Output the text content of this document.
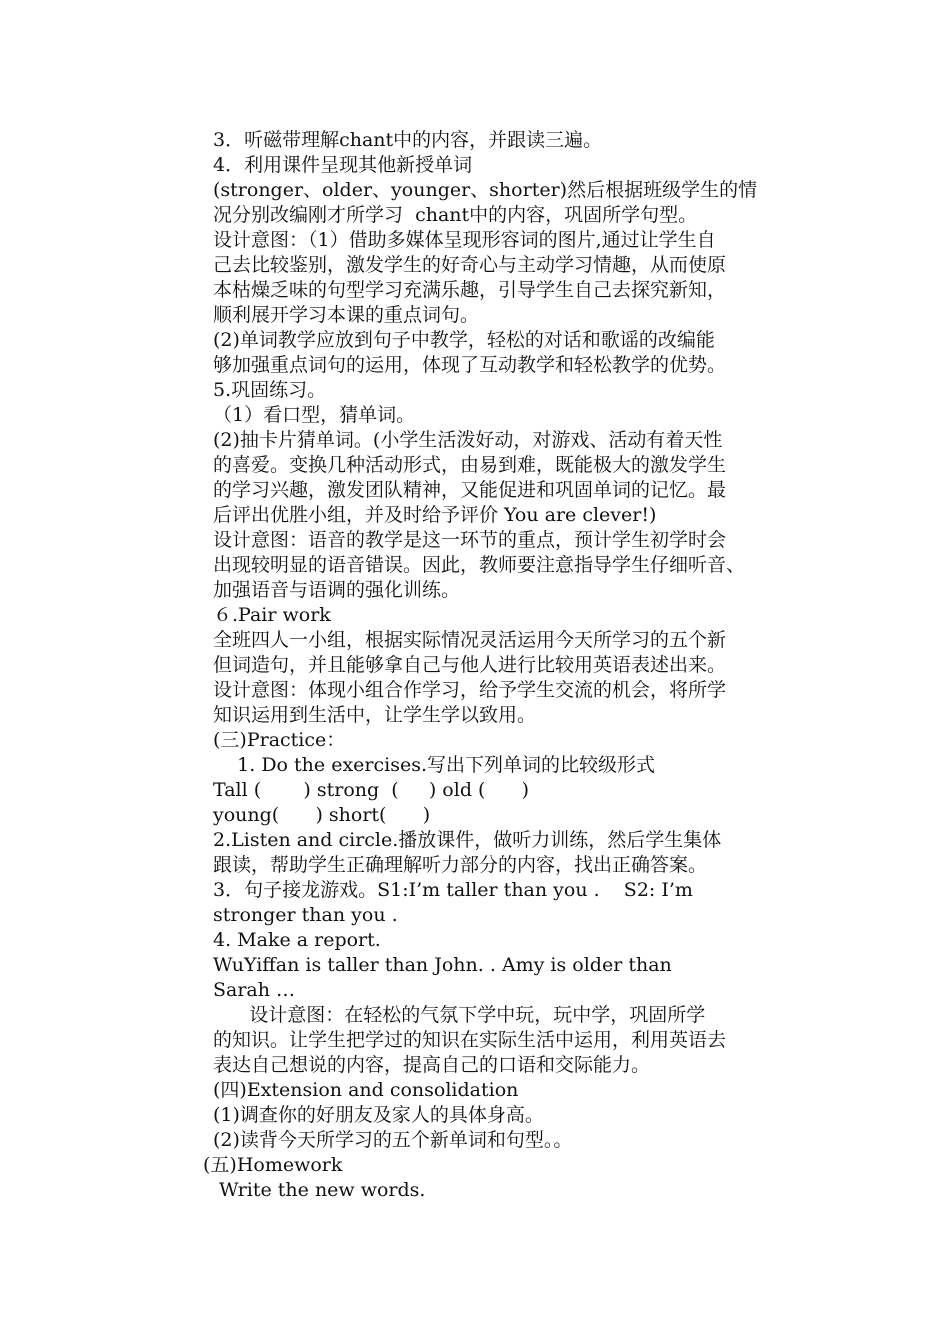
3．听磁带理解chant中的内容，并跟读三遍。

4．利用课件呈现其他新授单词

(stronger、older、younger、shorter)然后根据班级学生的情

况分别改编刚才所学习  chant中的内容，巩固所学句型。

设计意图：（1）借助多媒体呈现形容词的图片,通过让学生自

己去比较鉴别，激发学生的好奇心与主动学习情趣，从而使原

本枯燥乏味的句型学习充满乐趣，引导学生自己去探究新知，

顺利展开学习本课的重点词句。

(2)单词教学应放到句子中教学，轻松的对话和歌谣的改编能

够加强重点词句的运用，体现了互动教学和轻松教学的优势。

5.巩固练习。

（1）看口型，猜单词。

(2)抽卡片猜单词。(小学生活泼好动，对游戏、活动有着天性

的喜爱。变换几种活动形式，由易到难，既能极大的激发学生

的学习兴趣，激发团队精神，又能促进和巩固单词的记忆。最

后评出优胜小组，并及时给予评价 You are clever!)

设计意图：语音的教学是这一环节的重点，预计学生初学时会

出现较明显的语音错误。因此，教师要注意指导学生仔细听音、

加强语音与语调的强化训练。

６.Pair work

全班四人一小组，根据实际情况灵活运用今天所学习的五个新

但词造句，并且能够拿自己与他人进行比较用英语表述出来。

设计意图：体现小组合作学习，给予学生交流的机会，将所学

知识运用到生活中，让学生学以致用。

(三)Practice：

1. Do the exercises.写出下列单词的比较级形式

Tall (       ) strong  (     ) old (      )

young(      ) short(      )

2.Listen and circle.播放课件，做听力训练，然后学生集体

跟读，帮助学生正确理解听力部分的内容，找出正确答案。

3．句子接龙游戏。S1:I’m taller than you .    S2: I’m

stronger than you .

4. Make a report.

WuYiffan is taller than John. . Amy is older than

Sarah …

设计意图：在轻松的气氛下学中玩，玩中学，巩固所学

的知识。让学生把学过的知识在实际生活中运用，利用英语去

表达自己想说的内容，提高自己的口语和交际能力。

(四)Extension and consolidation

(1)调查你的好朋友及家人的具体身高。

(2)读背今天所学习的五个新单词和句型。。

(五)Homework

Write the new words.
